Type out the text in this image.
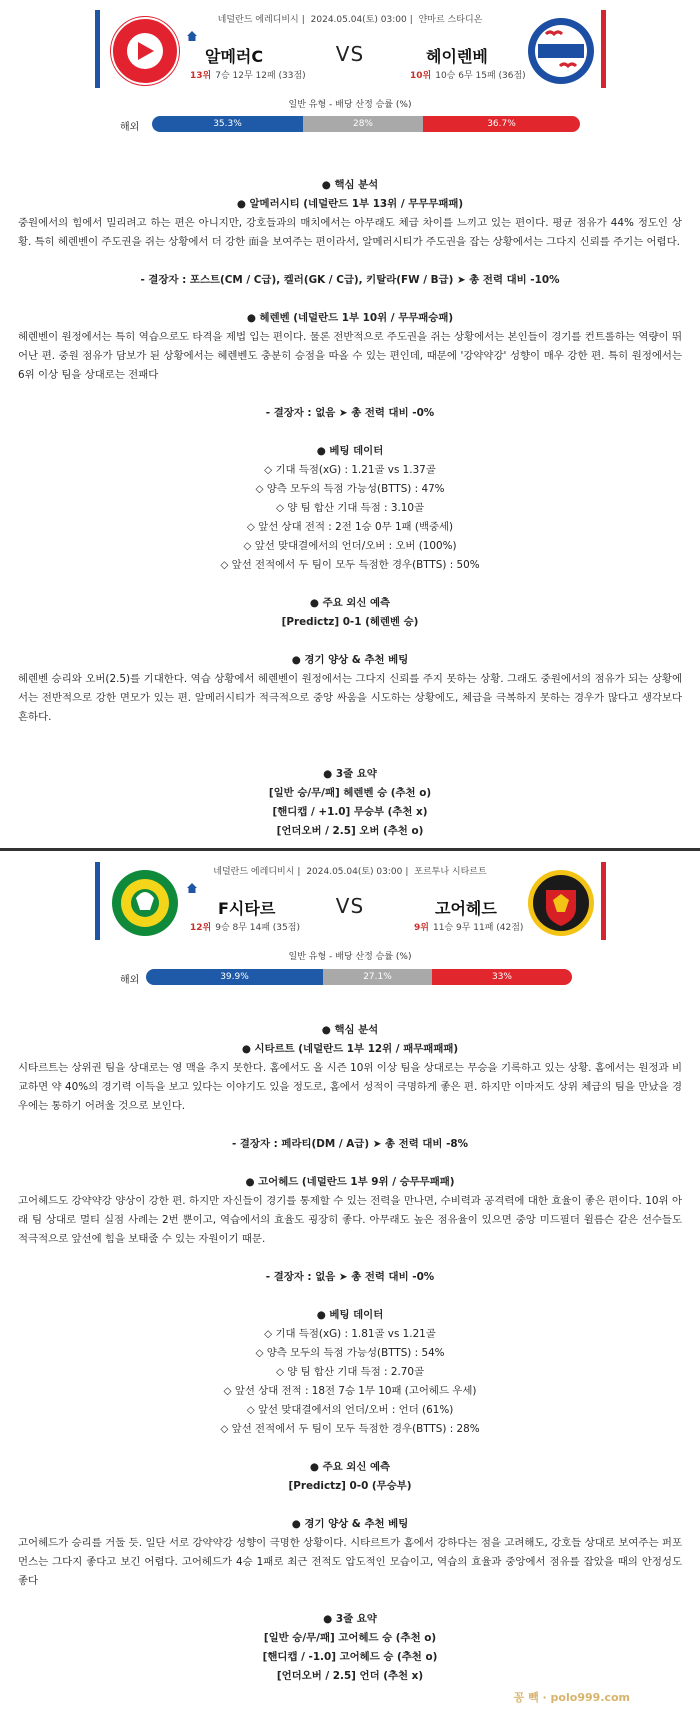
네덜란드 에레디비시 | 2024.05.04(토) 03:00 | 얀마르 스타디온
알메러C	VS	헤이렌베
13위 7승 12무 12패 (33점)	10위 10승 6무 15패 (36점)
일반 유형 - 배당 산정 승률 (%)
해외	35.3%	28%	36.7%
● 핵심 분석
● 알메러시티 (네덜란드 1부 13위 / 무무무패패)
중원에서의 힘에서 밀리려고 하는 편은 아니지만, 강호들과의 매치에서는 아무래도 체급 차이를 느끼고 있는 편이다. 평균 점유가 44% 정도인 상황. 특히 헤렌벤이 주도권을 쥐는 상황에서 더 강한 面을 보여주는 편이라서, 알메러시티가 주도권을 잡는 상황에서는 그다지 신뢰를 주기는 어렵다.
- 결장자 : 포스트(CM / C급), 켈러(GK / C급), 키탈라(FW / B급) ➤ 총 전력 대비 -10%
● 헤렌벤 (네덜란드 1부 10위 / 무무패승패)
헤렌벤이 원정에서는 특히 역습으로도 타격을 제법 입는 편이다. 물론 전반적으로 주도권을 쥐는 상황에서는 본인들이 경기를 컨트롤하는 역량이 뛰어난 편. 중원 점유가 담보가 된 상황에서는 헤렌벤도 충분히 승점을 따올 수 있는 편인데, 때문에 '강약약강' 성향이 매우 강한 편. 특히 원정에서는 6위 이상 팀을 상대로는 전패다
- 결장자 : 없음 ➤ 총 전력 대비 -0%
● 베팅 데이터
◇ 기대 득점(xG) : 1.21골 vs 1.37골
◇ 양측 모두의 득점 가능성(BTTS) : 47%
◇ 양 팀 합산 기대 득점 : 3.10골
◇ 앞선 상대 전적 : 2전 1승 0무 1패 (백중세)
◇ 앞선 맞대결에서의 언더/오버 : 오버 (100%)
◇ 앞선 전적에서 두 팀이 모두 득점한 경우(BTTS) : 50%
● 주요 외신 예측
[Predictz] 0-1 (헤렌벤 승)
● 경기 양상 & 추천 베팅
헤렌벤 승리와 오버(2.5)를 기대한다. 역습 상황에서 헤렌벤이 원정에서는 그다지 신뢰를 주지 못하는 상황. 그래도 중원에서의 점유가 되는 상황에서는 전반적으로 강한 면모가 있는 편. 알메러시티가 적극적으로 중앙 싸움을 시도하는 상황에도, 체급을 극복하지 못하는 경우가 많다고 생각보다 흔하다.
● 3줄 요약
[일반 승/무/패] 헤렌벤 승 (추천 o)
[핸디캡 / +1.0] 무승부 (추천 x)
[언더오버 / 2.5] 오버 (추천 o)
네덜란드 에레디비시 | 2024.05.04(토) 03:00 | 포르투나 시타르트
F시타르	VS	고어헤드
12위 9승 8무 14패 (35점)	9위 11승 9무 11패 (42점)
일반 유형 - 배당 산정 승률 (%)
해외	39.9%	27.1%	33%
● 핵심 분석
● 시타르트 (네덜란드 1부 12위 / 패무패패패)
시타르트는 상위권 팀을 상대로는 영 맥을 추지 못한다. 홈에서도 올 시즌 10위 이상 팀을 상대로는 무승을 기록하고 있는 상황. 홈에서는 원정과 비교하면 약 40%의 경기력 이득을 보고 있다는 이야기도 있을 정도로, 홈에서 성적이 극명하게 좋은 편. 하지만 이마저도 상위 체급의 팀을 만났을 경우에는 통하기 어려울 것으로 보인다.
- 결장자 : 페라티(DM / A급) ➤ 총 전력 대비 -8%
● 고어헤드 (네덜란드 1부 9위 / 승무무패패)
고어헤드도 강약약강 양상이 강한 편. 하지만 자신들이 경기를 통제할 수 있는 전력을 만나면, 수비력과 공격력에 대한 효율이 좋은 편이다. 10위 아래 팀 상대로 멀티 실점 사례는 2번 뿐이고, 역습에서의 효율도 굉장히 좋다. 아무래도 높은 점유율이 있으면 중앙 미드필더 윌름슨 같은 선수들도 적극적으로 앞선에 힘을 보태줄 수 있는 자원이기 때문.
- 결장자 : 없음 ➤ 총 전력 대비 -0%
● 베팅 데이터
◇ 기대 득점(xG) : 1.81골 vs 1.21골
◇ 양측 모두의 득점 가능성(BTTS) : 54%
◇ 양 팀 합산 기대 득점 : 2.70골
◇ 앞선 상대 전적 : 18전 7승 1무 10패 (고어헤드 우세)
◇ 앞선 맞대결에서의 언더/오버 : 언더 (61%)
◇ 앞선 전적에서 두 팀이 모두 득점한 경우(BTTS) : 28%
● 주요 외신 예측
[Predictz] 0-0 (무승부)
● 경기 양상 & 추천 베팅
고어헤드가 승리를 거둘 듯. 일단 서로 강약약강 성향이 극명한 상황이다. 시타르트가 홈에서 강하다는 점을 고려해도, 강호들 상대로 보여주는 퍼포먼스는 그다지 좋다고 보긴 어렵다. 고어헤드가 4승 1패로 최근 전적도 압도적인 모습이고, 역습의 효율과 중앙에서 점유를 잡았을 때의 안정성도 좋다
● 3줄 요약
[일반 승/무/패] 고어헤드 승 (추천 o)
[핸디캡 / -1.0] 고어헤드 승 (추천 o)
[언더오버 / 2.5] 언더 (추천 x)
꽁 빽 · polo999.com
